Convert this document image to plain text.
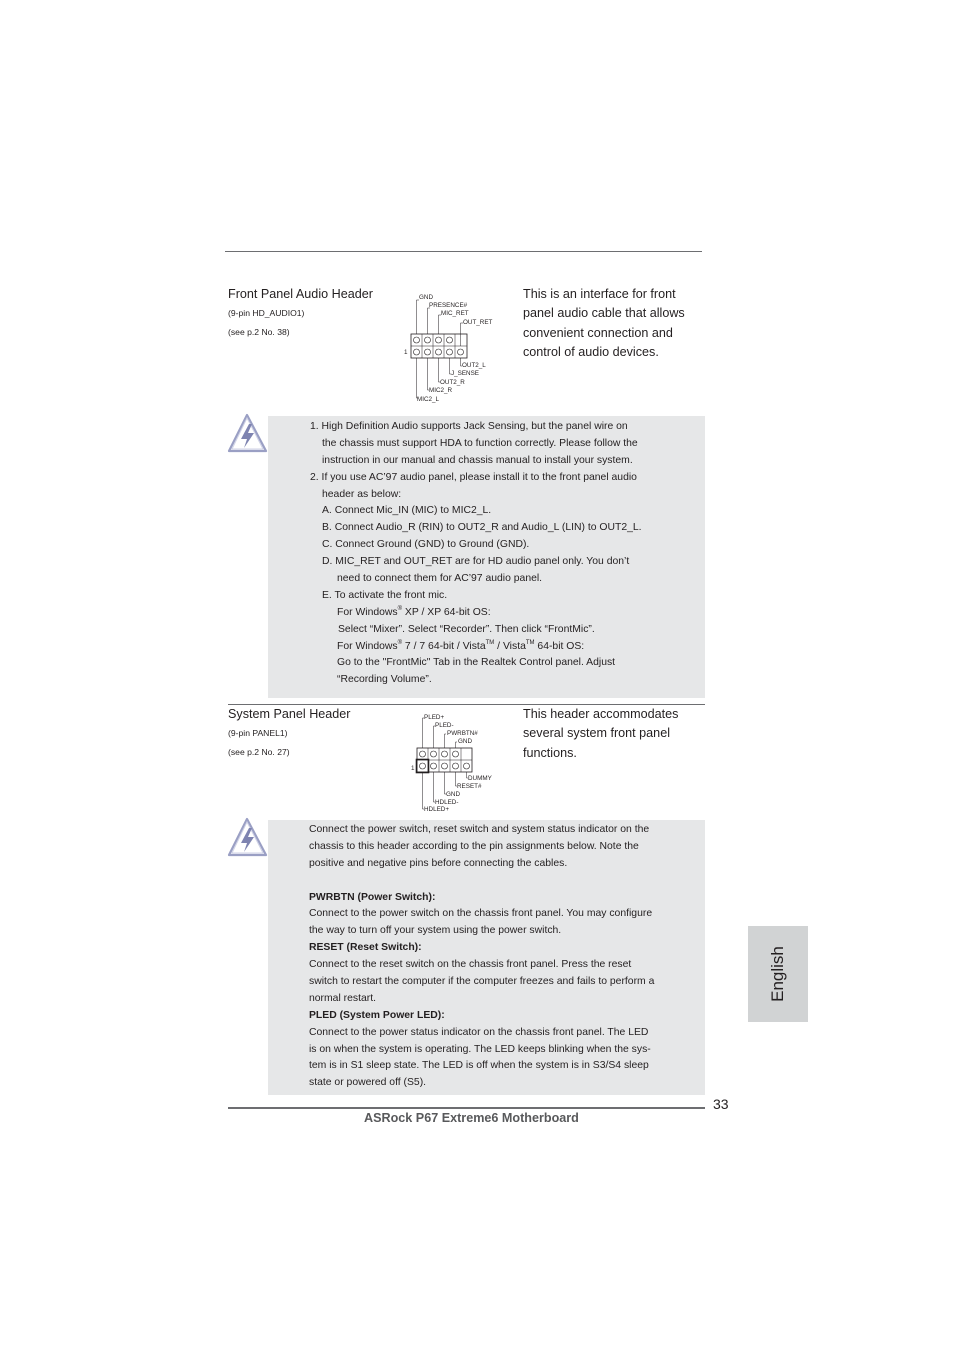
Front Panel Audio Header
(9-pin HD_AUDIO1)
(see p.2 No. 38)
This is an interface for front
panel audio cable that allows
convenient connection and
control of audio devices.
GND
PRESENCE#
MIC_RET
OUT_RET
OUT2_L
J_SENSE
OUT2_R
MIC2_R
MIC2_L
1
1. High Definition Audio supports Jack Sensing, but the panel wire on
the chassis must support HDA to function correctly. Please follow the
instruction in our manual and chassis manual to install your system.
2. If you use AC’97 audio panel, please install it to the front panel audio
header as below:
A. Connect Mic_IN (MIC) to MIC2_L.
B. Connect Audio_R (RIN) to OUT2_R and Audio_L (LIN) to OUT2_L.
C. Connect Ground (GND) to Ground (GND).
D. MIC_RET and OUT_RET are for HD audio panel only. You don’t
need to connect them for AC’97 audio panel.
E. To activate the front mic.
For Windows® XP / XP 64-bit OS:
Select “Mixer”. Select “Recorder”. Then click “FrontMic”.
For Windows® 7 / 7 64-bit / Vista™ / Vista™ 64-bit OS:
Go to the "FrontMic" Tab in the Realtek Control panel. Adjust
“Recording Volume”.
System Panel Header
(9-pin PANEL1)
(see p.2 No. 27)
This header accommodates
several system front panel
functions.
PLED+
PLED-
PWRBTN#
GND
DUMMY
RESET#
GND
HDLED-
HDLED+
1
Connect the power switch, reset switch and system status indicator on the
chassis to this header according to the pin assignments below. Note the
positive and negative pins before connecting the cables.
PWRBTN (Power Switch):
Connect to the power switch on the chassis front panel. You may configure
the way to turn off your system using the power switch.
RESET (Reset Switch):
Connect to the reset switch on the chassis front panel. Press the reset
switch to restart the computer if the computer freezes and fails to perform a
normal restart.
PLED (System Power LED):
Connect to the power status indicator on the chassis front panel. The LED
is on when the system is operating. The LED keeps blinking when the sys-
tem is in S1 sleep state. The LED is off when the system is in S3/S4 sleep
state or powered off (S5).
33
ASRock P67 Extreme6 Motherboard
English
